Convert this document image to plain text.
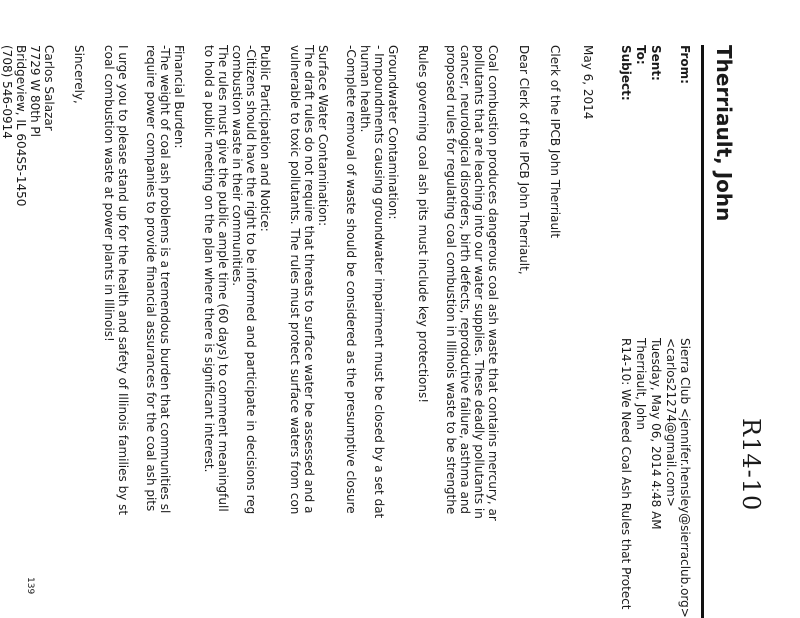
R14-10
Therriault, John
From:
Sierra Club <jennifer.hensley@sierraclub.org>
<carlos21274@gmail.com>
Sent:
Tuesday, May 06, 2014 4:48 AM
To:
Therriault, John
Subject:
R14-10: We Need Coal Ash Rules that Protect
May 6, 2014
Clerk of the IPCB John Therriault
Dear Clerk of the IPCB John Therriault,
Coal combustion produces dangerous coal ash waste that contains mercury, ar
pollutants that are leaching into our water supplies. These deadly pollutants in
cancer, neurological disorders, birth defects, reproductive failure, asthma and
proposed rules for regulating coal combustion in Illinois waste to be strengthe
Rules governing coal ash pits must include key protections!
Groundwater Contamination:
- Impoundments causing groundwater impairment must be closed by a set dat
human health.
-Complete removal of waste should be considered as the presumptive closure
Surface Water Contamination:
The draft rules do not require that threats to surface water be assessed and a
vulnerable to toxic pollutants. The rules must protect surface waters from con
Public Participation and Notice:
-Citizens should have the right to be informed and participate in decisions reg
combustion waste in their communities.
The rules must give the public ample time (60 days) to comment meaningfull
to hold a public meeting on the plan where there is significant interest.
Financial Burden:
-The weight of coal ash problems is a tremendous burden that communities sl
require power companies to provide financial assurances for the coal ash pits
I urge you to please stand up for the health and safety of Illinois families by st
coal combustion waste at power plants in Illinois!
Sincerely,
Carlos Salazar
7729 W 80th Pl
Bridgeview, IL 604S5-1450
(708) 546-0914
139
